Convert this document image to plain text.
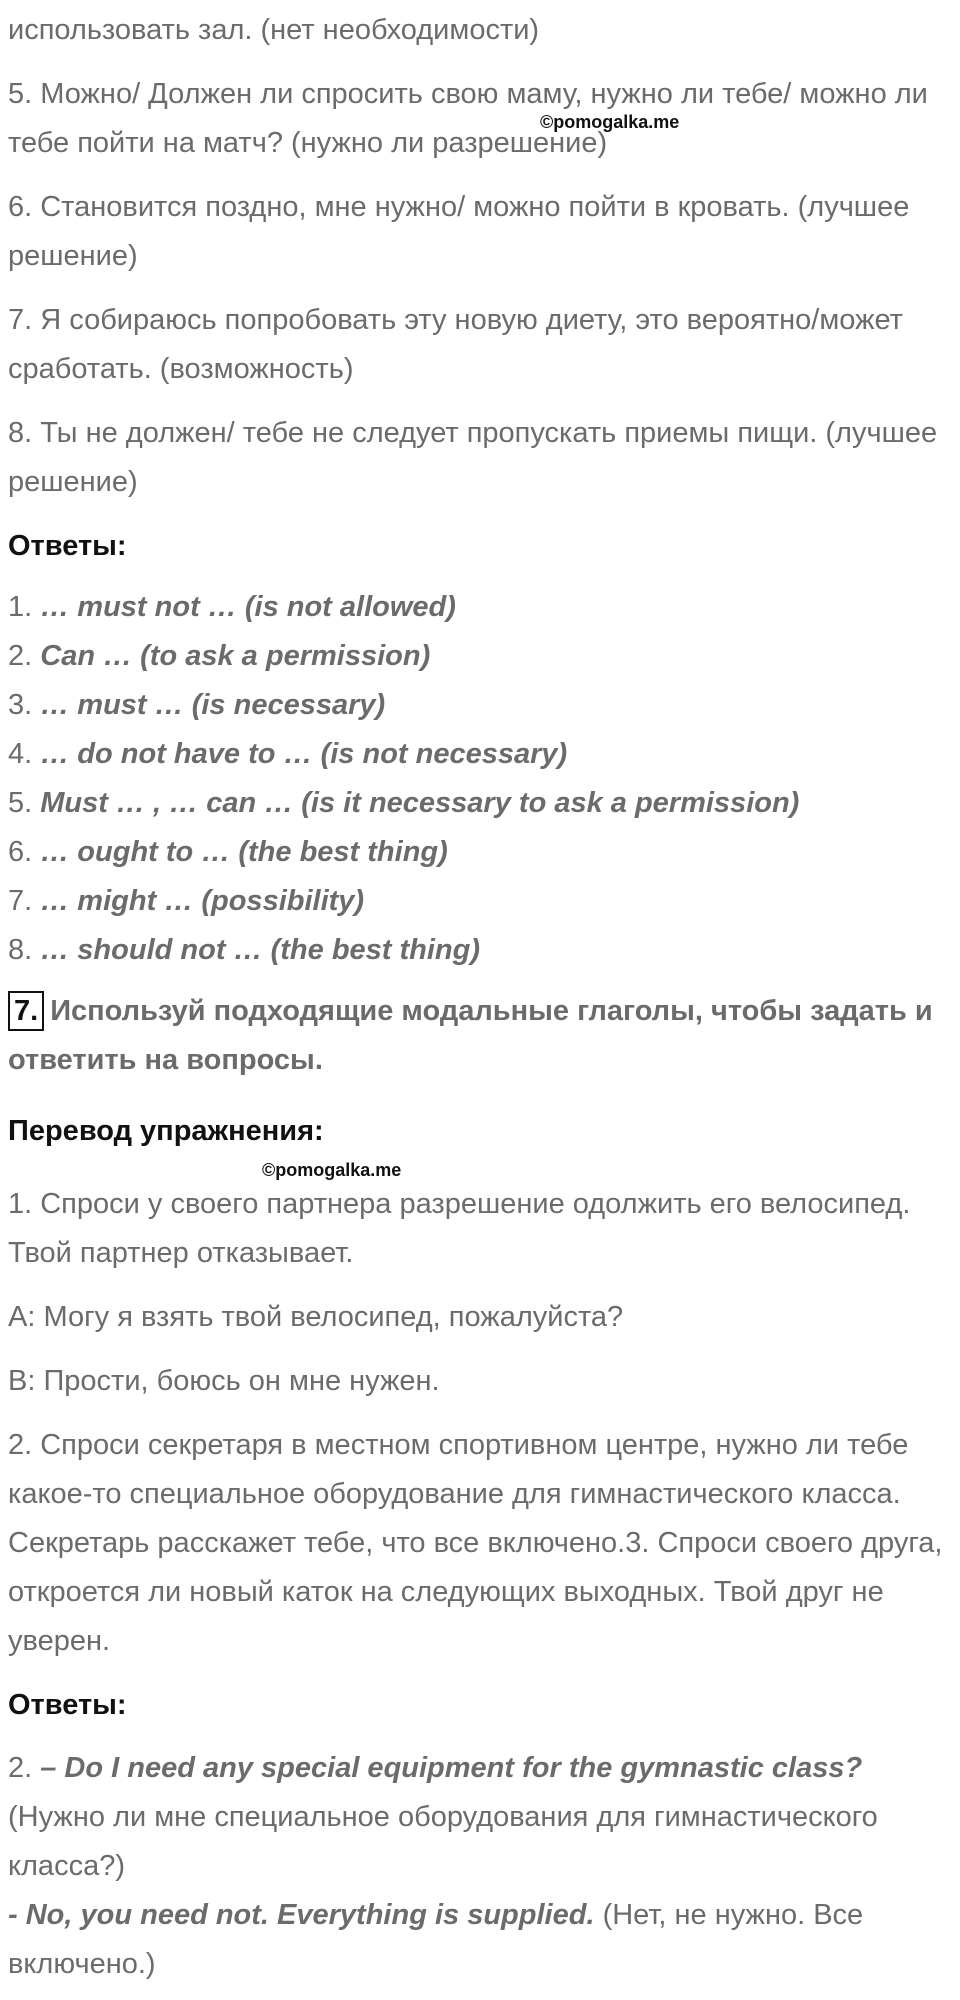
использовать зал. (нет необходимости)

5. Можно/ Должен ли спросить свою маму, нужно ли тебе/ можно ли тебе пойти на матч? (нужно ли разрешение)

6. Становится поздно, мне нужно/ можно пойти в кровать. (лучшее решение)

7. Я собираюсь попробовать эту новую диету, это вероятно/может сработать. (возможность)

8. Ты не должен/ тебе не следует пропускать приемы пищи. (лучшее решение)

Ответы:
1. … must not … (is not allowed)
2. Can … (to ask a permission)
3. … must … (is necessary)
4. … do not have to … (is not necessary)
5. Must … , … can … (is it necessary to ask a permission)
6. … ought to … (the best thing)
7. … might … (possibility)
8. … should not … (the best thing)
7. Используй подходящие модальные глаголы, чтобы задать и ответить на вопросы.
Перевод упражнения:

1. Спроси у своего партнера разрешение одолжить его велосипед. Твой партнер отказывает.

A: Могу я взять твой велосипед, пожалуйста?

B: Прости, боюсь он мне нужен.

2. Спроси секретаря в местном спортивном центре, нужно ли тебе какое-то специальное оборудование для гимнастического класса. Секретарь расскажет тебе, что все включено.3. Спроси своего друга, откроется ли новый каток на следующих выходных. Твой друг не уверен.

Ответы:
2. – Do I need any special equipment for the gymnastic class? (Нужно ли мне специальное оборудования для гимнастического класса?)
- No, you need not. Everything is supplied. (Нет, не нужно. Все включено.)
©pomogalka.me
©pomogalka.me
